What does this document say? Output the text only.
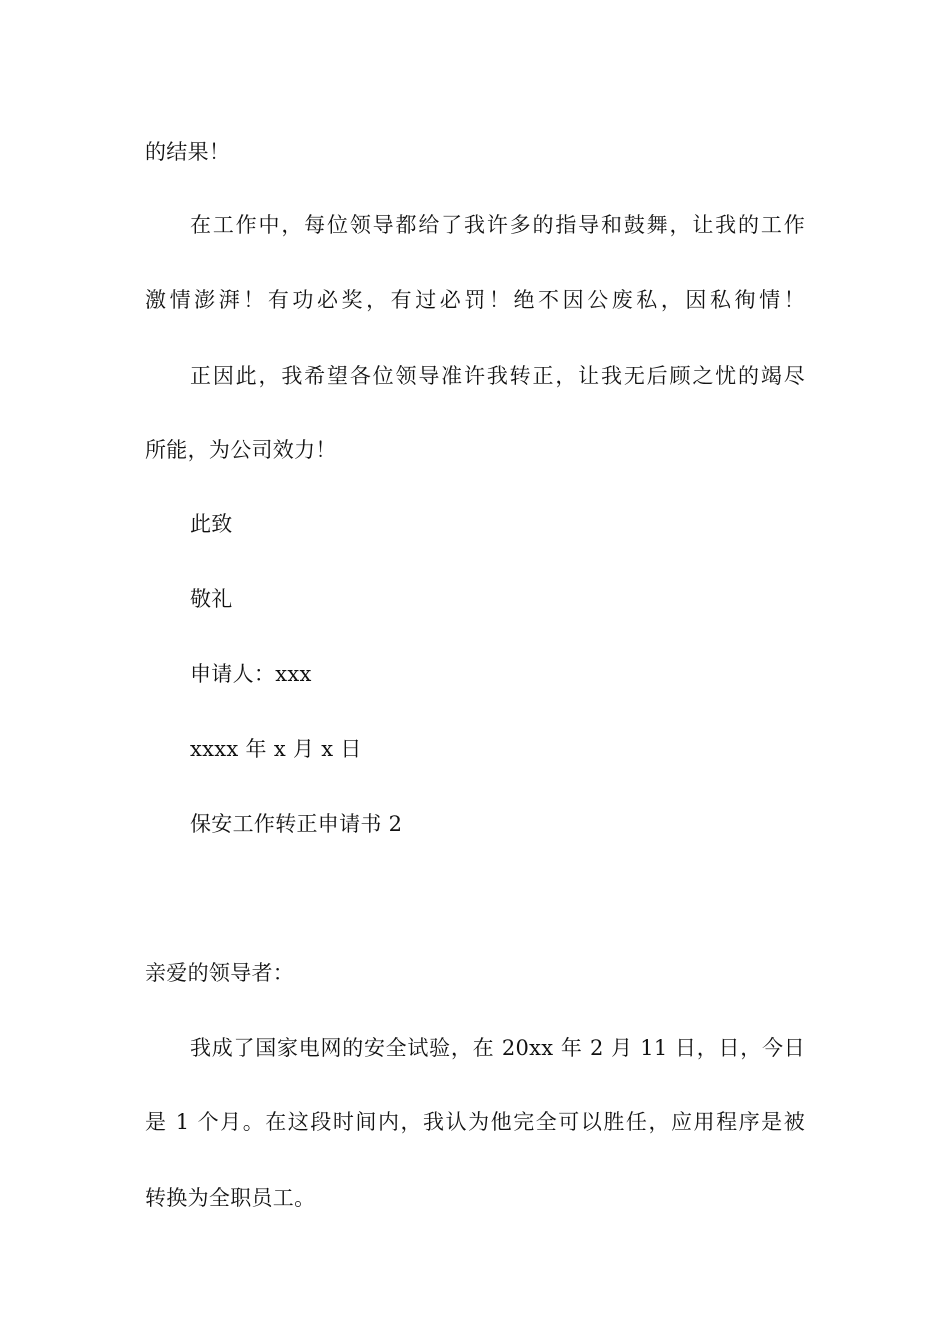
的结果！
在工作中，每位领导都给了我许多的指导和鼓舞，让我的工作
激情澎湃！有功必奖，有过必罚！绝不因公废私，因私徇情！
正因此，我希望各位领导准许我转正，让我无后顾之忧的竭尽
所能，为公司效力！
此致
敬礼
申请人：xxx
xxxx 年 x 月 x 日
保安工作转正申请书 2
亲爱的领导者：
我成了国家电网的安全试验，在 20xx 年 2 月 11 日，日，今日
是 1 个月。在这段时间内，我认为他完全可以胜任，应用程序是被
转换为全职员工。
